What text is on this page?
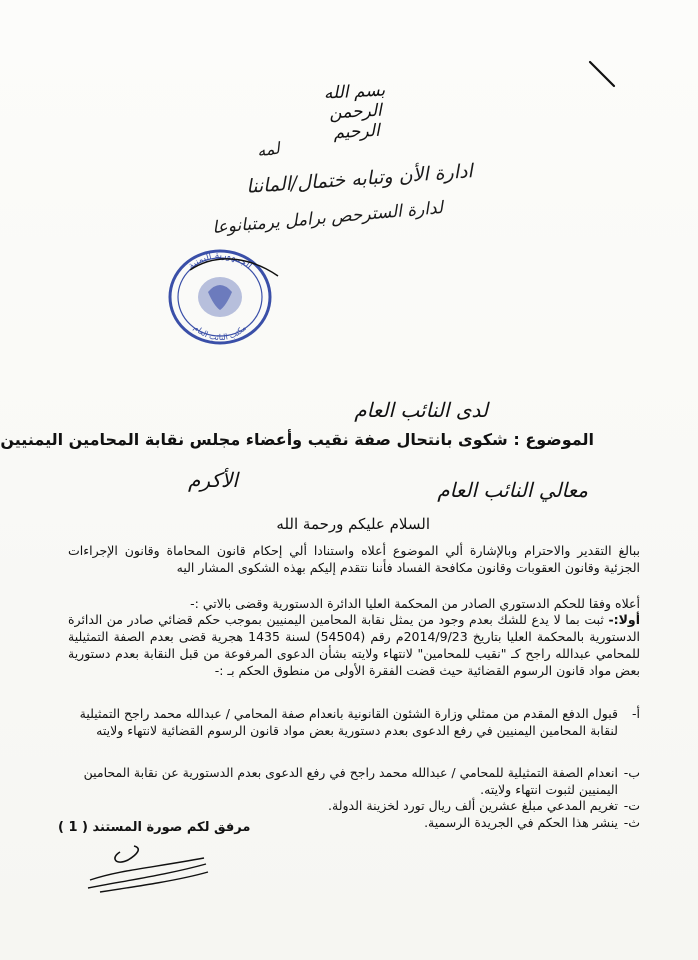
بسم الله الرحمن الرحيم
لمه
ادارة الأن وتبابه ختمال/الماننا
لدارة السترحص برامل يرمتبانوعا
الجمهورية اليمنية
مكتب النائب العام
لدى النائب العام
الموضوع : شكوى بانتحال صفة نقيب وأعضاء مجلس نقابة المحامين اليمنيين
معالي النائب العام
الأكرم
السلام عليكم ورحمة الله
ببالغ التقدير والاحترام وبالإشارة ألي الموضوع أعلاه واستنادا ألي إحكام قانون المحاماة وقانون الإجراءات الجزئية وقانون العقوبات وقانون مكافحة الفساد فأننا نتقدم إليكم بهذه الشكوى المشار اليه
أعلاه وفقا للحكم الدستوري الصادر من المحكمة العليا الدائرة الدستورية وقضى بالاتي :-
أولا:- ثبت بما لا يدع للشك بعدم وجود من يمثل نقابة المحامين اليمنيين بموجب حكم قضائي صادر من الدائرة الدستورية بالمحكمة العليا بتاريخ 2014/9/23م رقم (54504) لسنة 1435 هجرية قضى بعدم الصفة التمثيلية للمحامي عبدالله راجح كـ "نقيب للمحامين" لانتهاء ولايته بشأن الدعوى المرفوعة من قبل النقابة بعدم دستورية بعض مواد قانون الرسوم القضائية حيث قضت الفقرة الأولى من منطوق الحكم بـ :-
أ-
قبول الدفع المقدم من ممثلي وزارة الشئون القانونية بانعدام صفة المحامي / عبدالله محمد راجح التمثيلية لنقابة المحامين اليمنيين في رفع الدعوى بعدم دستورية بعض مواد قانون الرسوم القضائية لانتهاء ولايته
ب-
انعدام الصفة التمثيلية للمحامي / عبدالله محمد راجح في رفع الدعوى بعدم الدستورية عن نقابة المحامين اليمنيين لثبوت انتهاء ولايته.
ت-
تغريم المدعي مبلغ عشرين ألف ريال تورد لخزينة الدولة.
ث-
ينشر هذا الحكم في الجريدة الرسمية.
مرفق لكم صورة المستند ( 1 )
